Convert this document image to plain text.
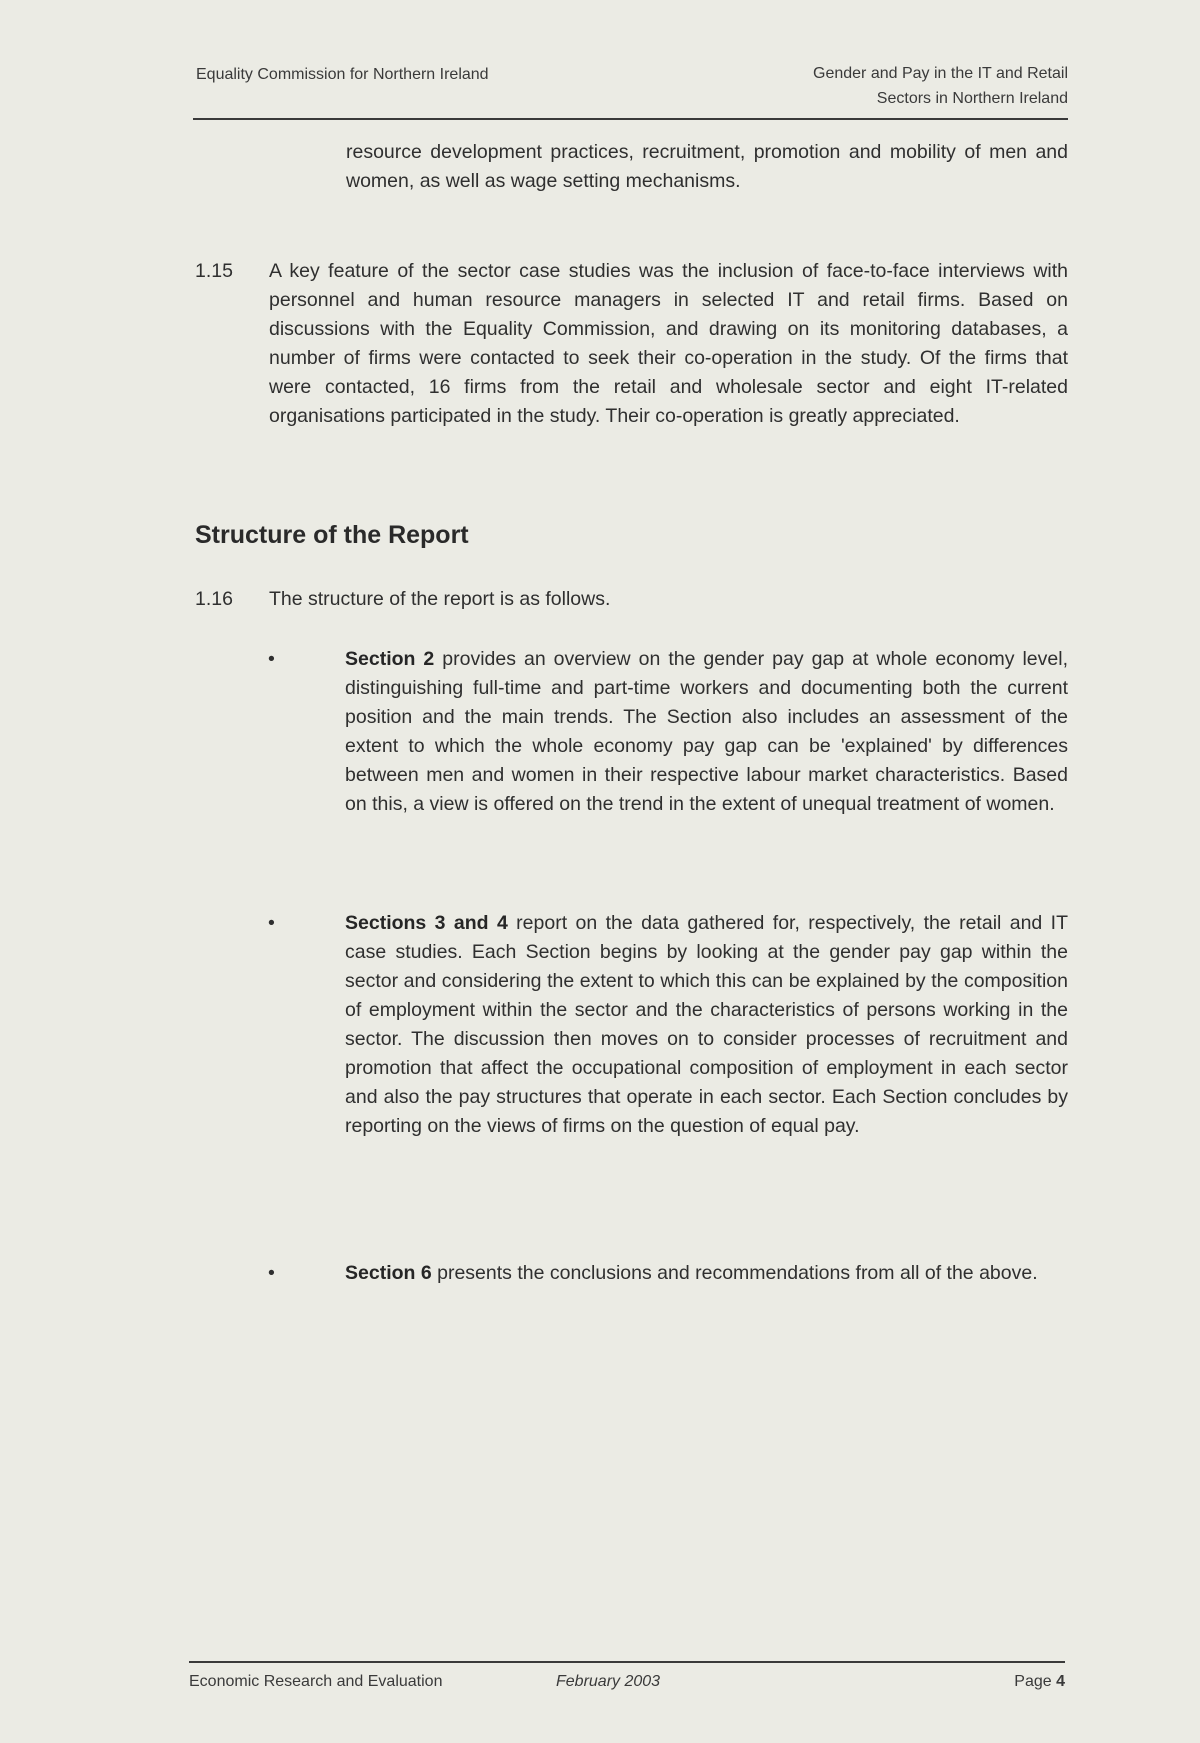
Equality Commission for Northern Ireland	Gender and Pay in the IT and Retail
Sectors in Northern Ireland
resource development practices, recruitment, promotion and mobility of men and women, as well as wage setting mechanisms.
1.15 A key feature of the sector case studies was the inclusion of face-to-face interviews with personnel and human resource managers in selected IT and retail firms. Based on discussions with the Equality Commission, and drawing on its monitoring databases, a number of firms were contacted to seek their co-operation in the study. Of the firms that were contacted, 16 firms from the retail and wholesale sector and eight IT-related organisations participated in the study. Their co-operation is greatly appreciated.
Structure of the Report
1.16 The structure of the report is as follows.
•	Section 2 provides an overview on the gender pay gap at whole economy level, distinguishing full-time and part-time workers and documenting both the current position and the main trends. The Section also includes an assessment of the extent to which the whole economy pay gap can be 'explained' by differences between men and women in their respective labour market characteristics. Based on this, a view is offered on the trend in the extent of unequal treatment of women.
•	Sections 3 and 4 report on the data gathered for, respectively, the retail and IT case studies. Each Section begins by looking at the gender pay gap within the sector and considering the extent to which this can be explained by the composition of employment within the sector and the characteristics of persons working in the sector. The discussion then moves on to consider processes of recruitment and promotion that affect the occupational composition of employment in each sector and also the pay structures that operate in each sector. Each Section concludes by reporting on the views of firms on the question of equal pay.
•	Section 6 presents the conclusions and recommendations from all of the above.
Economic Research and Evaluation	February 2003	Page 4
